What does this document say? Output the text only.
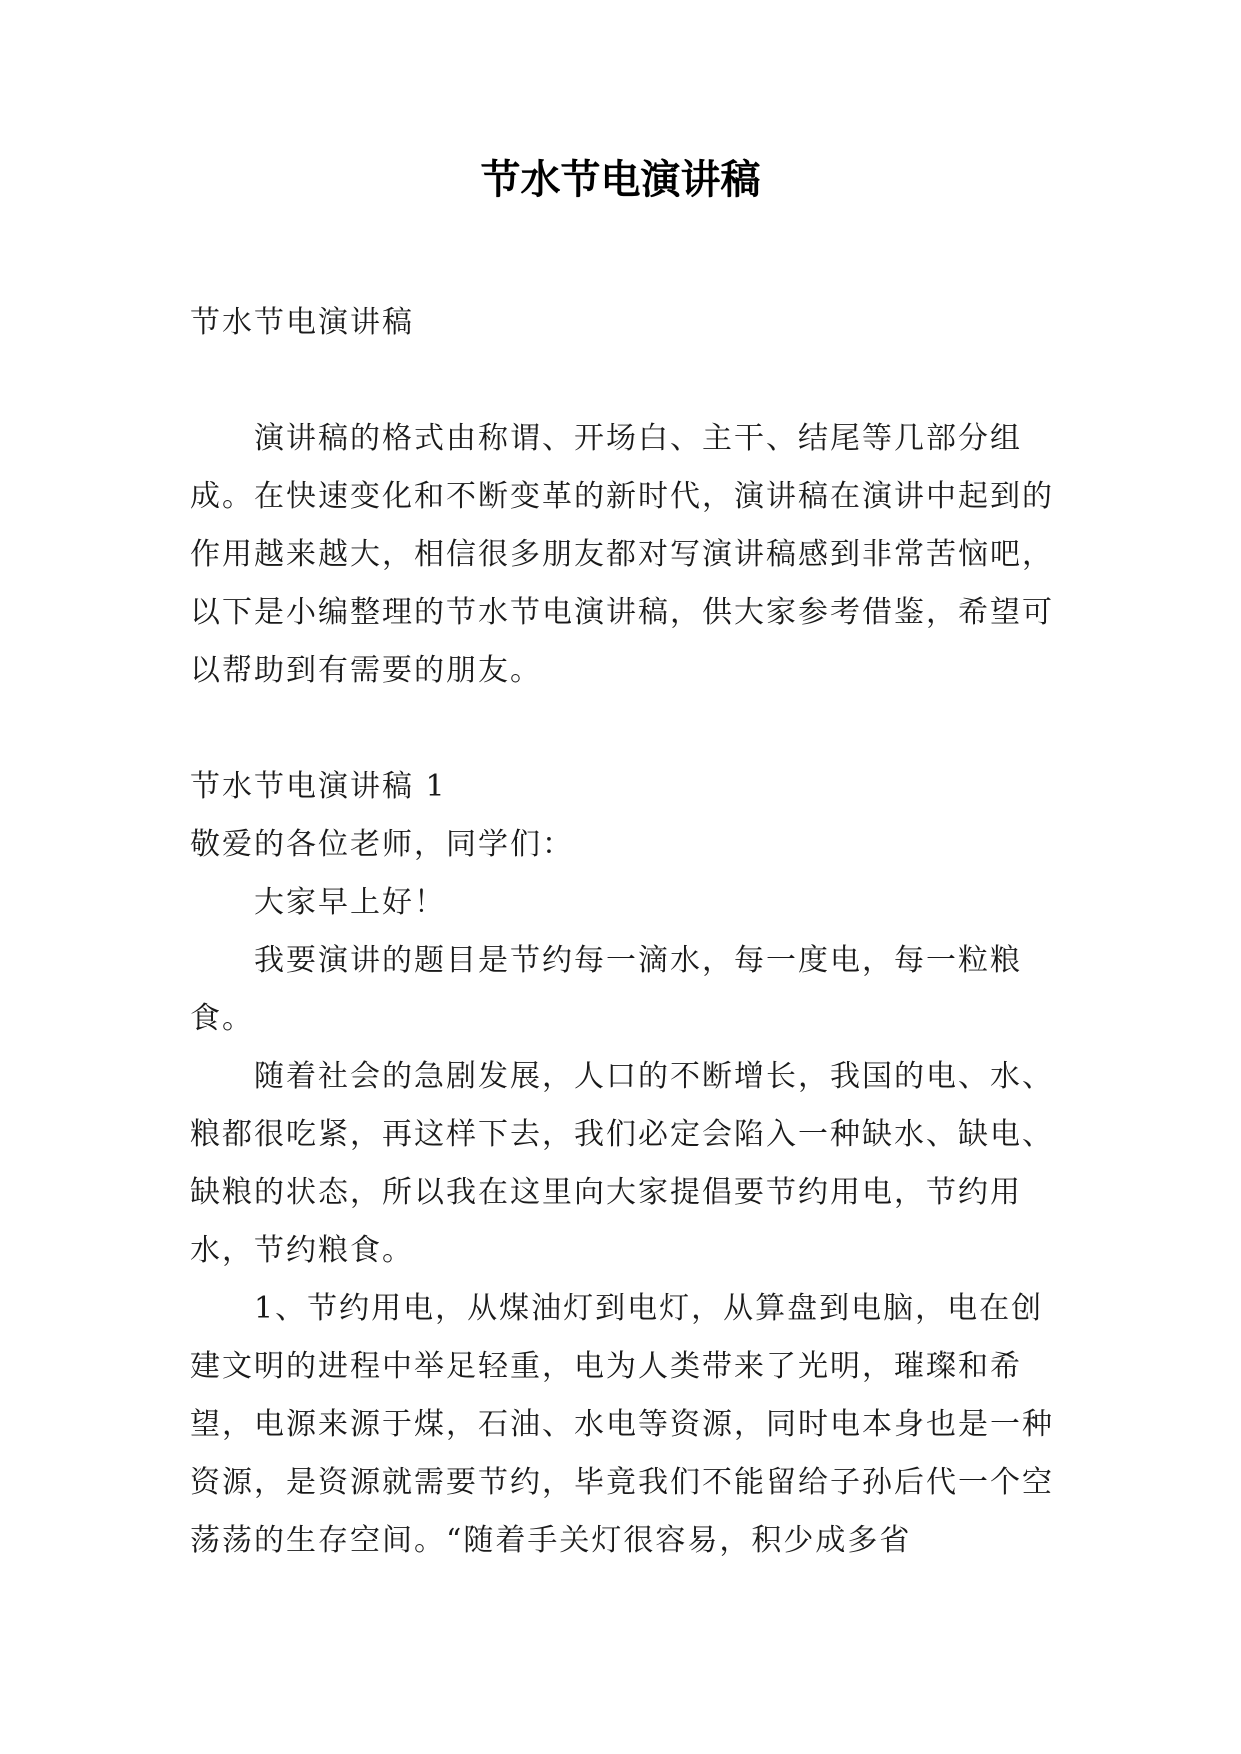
节水节电演讲稿

节水节电演讲稿

演讲稿的格式由称谓、开场白、主干、结尾等几部分组成。在快速变化和不断变革的新时代，演讲稿在演讲中起到的作用越来越大，相信很多朋友都对写演讲稿感到非常苦恼吧，以下是小编整理的节水节电演讲稿，供大家参考借鉴，希望可以帮助到有需要的朋友。

节水节电演讲稿 1

敬爱的各位老师，同学们：

大家早上好！

我要演讲的题目是节约每一滴水，每一度电，每一粒粮食。

随着社会的急剧发展，人口的不断增长，我国的电、水、粮都很吃紧，再这样下去，我们必定会陷入一种缺水、缺电、缺粮的状态，所以我在这里向大家提倡要节约用电，节约用水，节约粮食。

1、节约用电，从煤油灯到电灯，从算盘到电脑，电在创建文明的进程中举足轻重，电为人类带来了光明，璀璨和希望，电源来源于煤，石油、水电等资源，同时电本身也是一种资源，是资源就需要节约，毕竟我们不能留给子孙后代一个空荡荡的生存空间。“随着手关灯很容易，积少成多省
